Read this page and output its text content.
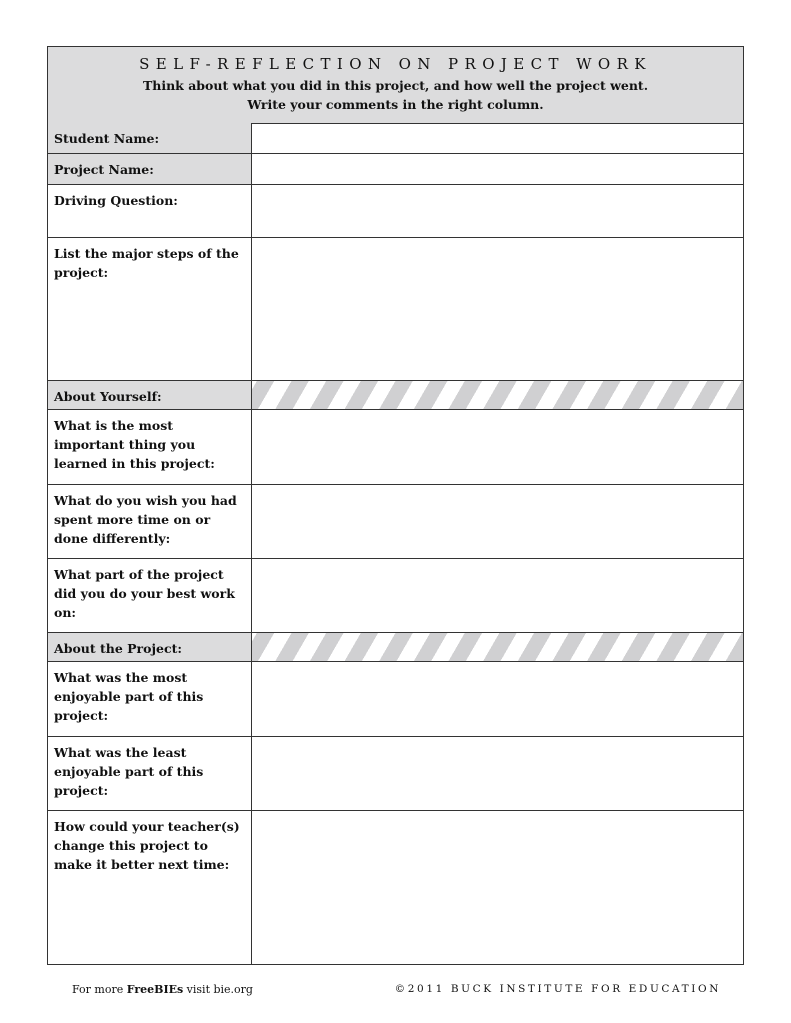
SELF-REFLECTION ON PROJECT WORK
Think about what you did in this project, and how well the project went.
Write your comments in the right column.
Student Name:
Project Name:
Driving Question:
List the major steps of the project:
About Yourself:
What is the most important thing you learned in this project:
What do you wish you had spent more time on or done differently:
What part of the project did you do your best work on:
About the Project:
What was the most enjoyable part of this project:
What was the least enjoyable part of this project:
How could your teacher(s) change this project to make it better next time:
For more FreeBIEs visit bie.org	©2011 BUCK INSTITUTE FOR EDUCATION
